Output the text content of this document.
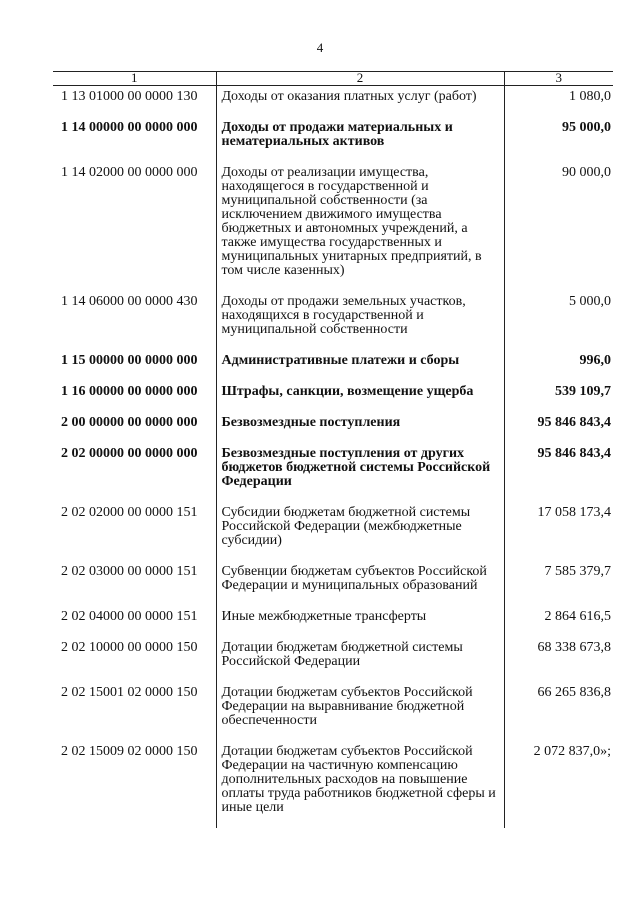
4
1	2	3
1 13 01000 00 0000 130	Доходы от оказания платных услуг (работ)	1 080,0
1 14 00000 00 0000 000	Доходы от продажи материальных и нематериальных активов	95 000,0
1 14 02000 00 0000 000	Доходы от реализации имущества, находящегося в государственной и муниципальной собственности (за исключением движимого имущества бюджетных и автономных учреждений, а также имущества государственных и муниципальных унитарных предприятий, в том числе казенных)	90 000,0
1 14 06000 00 0000 430	Доходы от продажи земельных участков, находящихся в государственной и муниципальной собственности	5 000,0
1 15 00000 00 0000 000	Административные платежи и сборы	996,0
1 16 00000 00 0000 000	Штрафы, санкции, возмещение ущерба	539 109,7
2 00 00000 00 0000 000	Безвозмездные поступления	95 846 843,4
2 02 00000 00 0000 000	Безвозмездные поступления от других бюджетов бюджетной системы Российской Федерации	95 846 843,4
2 02 02000 00 0000 151	Субсидии бюджетам бюджетной системы Российской Федерации (межбюджетные субсидии)	17 058 173,4
2 02 03000 00 0000 151	Субвенции бюджетам субъектов Российской Федерации и муниципальных образований	7 585 379,7
2 02 04000 00 0000 151	Иные межбюджетные трансферты	2 864 616,5
2 02 10000 00 0000 150	Дотации бюджетам бюджетной системы Российской Федерации	68 338 673,8
2 02 15001 02 0000 150	Дотации бюджетам субъектов Российской Федерации на выравнивание бюджетной обеспеченности	66 265 836,8
2 02 15009 02 0000 150	Дотации бюджетам субъектов Российской Федерации на частичную компенсацию дополнительных расходов на повышение оплаты труда работников бюджетной сферы и иные цели	2 072 837,0»;
